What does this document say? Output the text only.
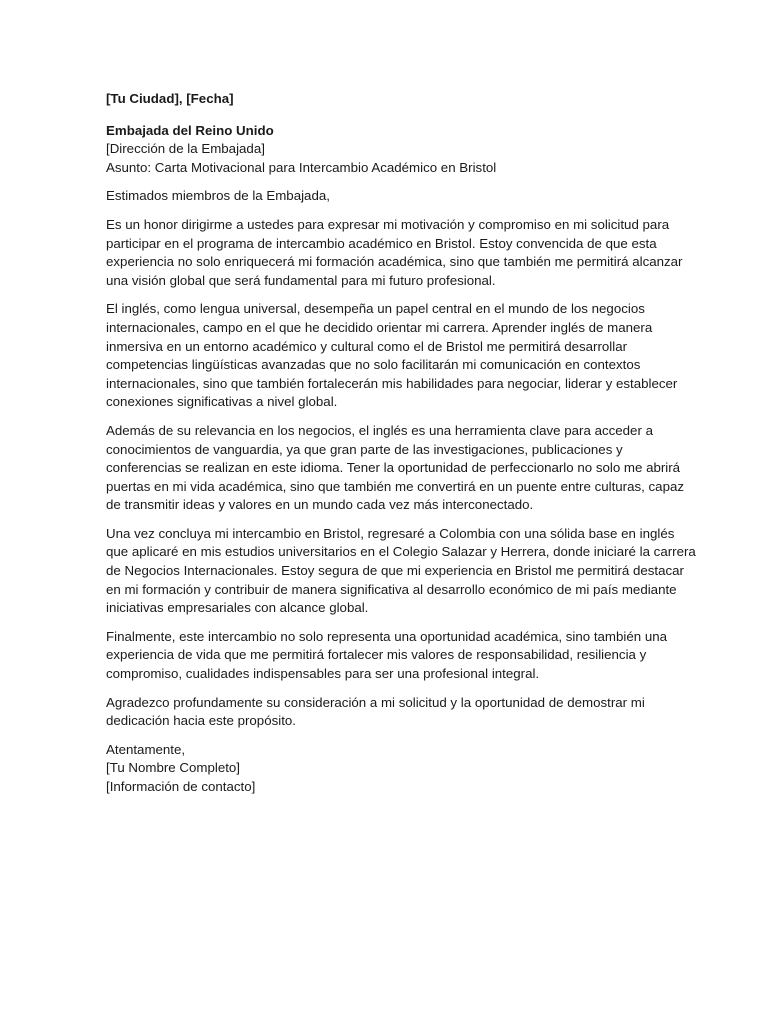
[Tu Ciudad], [Fecha]
Embajada del Reino Unido
[Dirección de la Embajada]
Asunto: Carta Motivacional para Intercambio Académico en Bristol
Estimados miembros de la Embajada,
Es un honor dirigirme a ustedes para expresar mi motivación y compromiso en mi solicitud para
participar en el programa de intercambio académico en Bristol. Estoy convencida de que esta
experiencia no solo enriquecerá mi formación académica, sino que también me permitirá alcanzar
una visión global que será fundamental para mi futuro profesional.
El inglés, como lengua universal, desempeña un papel central en el mundo de los negocios
internacionales, campo en el que he decidido orientar mi carrera. Aprender inglés de manera
inmersiva en un entorno académico y cultural como el de Bristol me permitirá desarrollar
competencias lingüísticas avanzadas que no solo facilitarán mi comunicación en contextos
internacionales, sino que también fortalecerán mis habilidades para negociar, liderar y establecer
conexiones significativas a nivel global.
Además de su relevancia en los negocios, el inglés es una herramienta clave para acceder a
conocimientos de vanguardia, ya que gran parte de las investigaciones, publicaciones y
conferencias se realizan en este idioma. Tener la oportunidad de perfeccionarlo no solo me abrirá
puertas en mi vida académica, sino que también me convertirá en un puente entre culturas, capaz
de transmitir ideas y valores en un mundo cada vez más interconectado.
Una vez concluya mi intercambio en Bristol, regresaré a Colombia con una sólida base en inglés
que aplicaré en mis estudios universitarios en el Colegio Salazar y Herrera, donde iniciaré la carrera
de Negocios Internacionales. Estoy segura de que mi experiencia en Bristol me permitirá destacar
en mi formación y contribuir de manera significativa al desarrollo económico de mi país mediante
iniciativas empresariales con alcance global.
Finalmente, este intercambio no solo representa una oportunidad académica, sino también una
experiencia de vida que me permitirá fortalecer mis valores de responsabilidad, resiliencia y
compromiso, cualidades indispensables para ser una profesional integral.
Agradezco profundamente su consideración a mi solicitud y la oportunidad de demostrar mi
dedicación hacia este propósito.
Atentamente,
[Tu Nombre Completo]
[Información de contacto]
